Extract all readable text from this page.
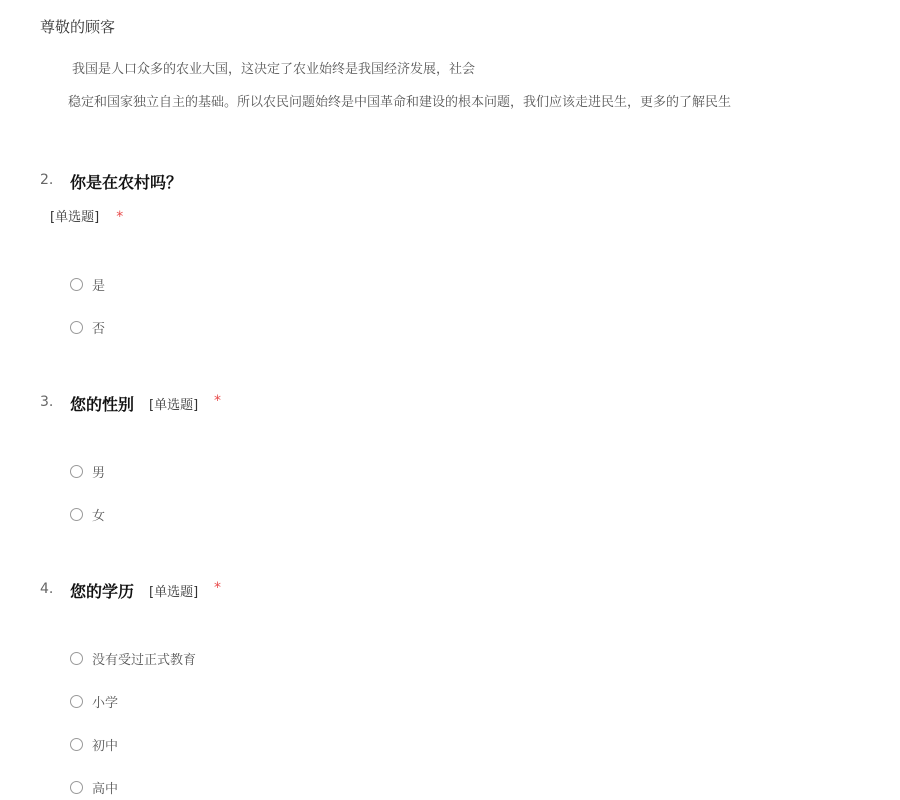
尊敬的顾客
我国是人口众多的农业大国，这决定了农业始终是我国经济发展，社会
稳定和国家独立自主的基础。所以农民问题始终是中国革命和建设的根本问题，我们应该走进民生，更多的了解民生
2. 你是在农村吗？
[单选题] *
是
否
3. 您的性别 [单选题] *
男
女
4. 您的学历 [单选题] *
没有受过正式教育
小学
初中
高中
